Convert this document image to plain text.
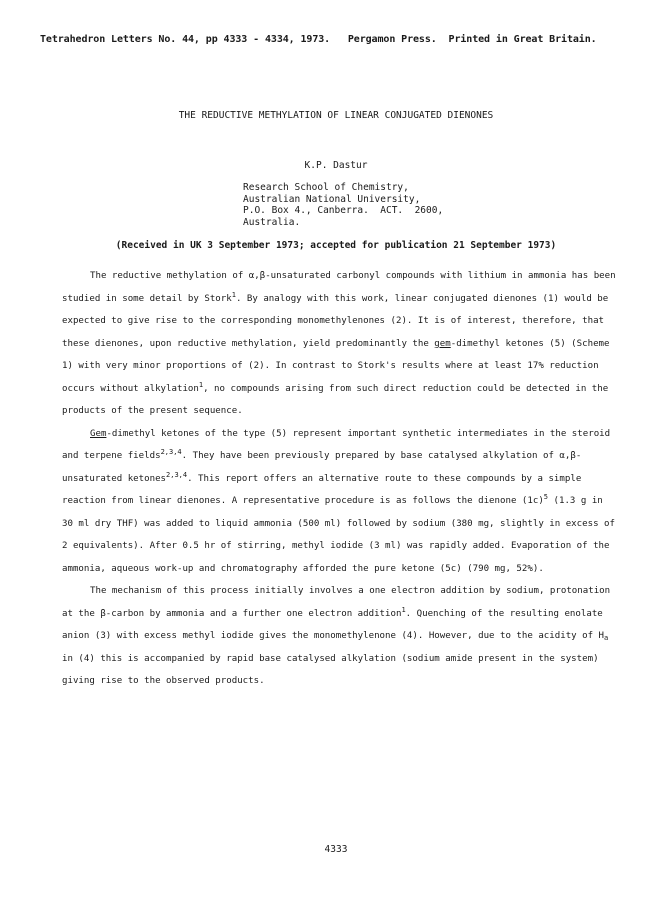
Tetrahedron Letters No. 44, pp 4333 - 4334, 1973. Pergamon Press. Printed in Great Britain.
THE REDUCTIVE METHYLATION OF LINEAR CONJUGATED DIENONES
K.P. Dastur
Research School of Chemistry,
Australian National University,
P.O. Box 4., Canberra.  ACT.  2600,
Australia.
(Received in UK 3 September 1973; accepted for publication 21 September 1973)

The reductive methylation of α,β-unsaturated carbonyl compounds with lithium in ammonia has been studied in some detail by Stork$^1$. By analogy with this work, linear conjugated dienones (1) would be expected to give rise to the corresponding monomethylenones (2). It is of interest, therefore, that these dienones, upon reductive methylation, yield predominantly the gem-dimethyl ketones (5) (Scheme 1) with very minor proportions of (2). In contrast to Stork's results where at least 17% reduction occurs without alkylation$^1$, no compounds arising from such direct reduction could be detected in the products of the present sequence.

Gem-dimethyl ketones of the type (5) represent important synthetic intermediates in the steroid and terpene fields$^{2,3,4}$. They have been previously prepared by base catalysed alkylation of α,β-unsaturated ketones$^{2,3,4}$. This report offers an alternative route to these compounds by a simple reaction from linear dienones. A representative procedure is as follows the dienone $(1c)^5$ (1.3 g in 30 ml dry THF) was added to liquid ammonia (500 ml) followed by sodium (380 mg, slightly in excess of 2 equivalents). After 0.5 hr of stirring, methyl iodide (3 ml) was rapidly added. Evaporation of the ammonia, aqueous work-up and chromatography afforded the pure ketone (5c) (790 mg, 52%).

The mechanism of this process initially involves a one electron addition by sodium, protonation at the β-carbon by ammonia and a further one electron addition$^1$. Quenching of the resulting enolate anion (3) with excess methyl iodide gives the monomethylenone (4). However, due to the acidity of $H_a$ in (4) this is accompanied by rapid base catalysed alkylation (sodium amide present in the system) giving rise to the observed products.

4333
